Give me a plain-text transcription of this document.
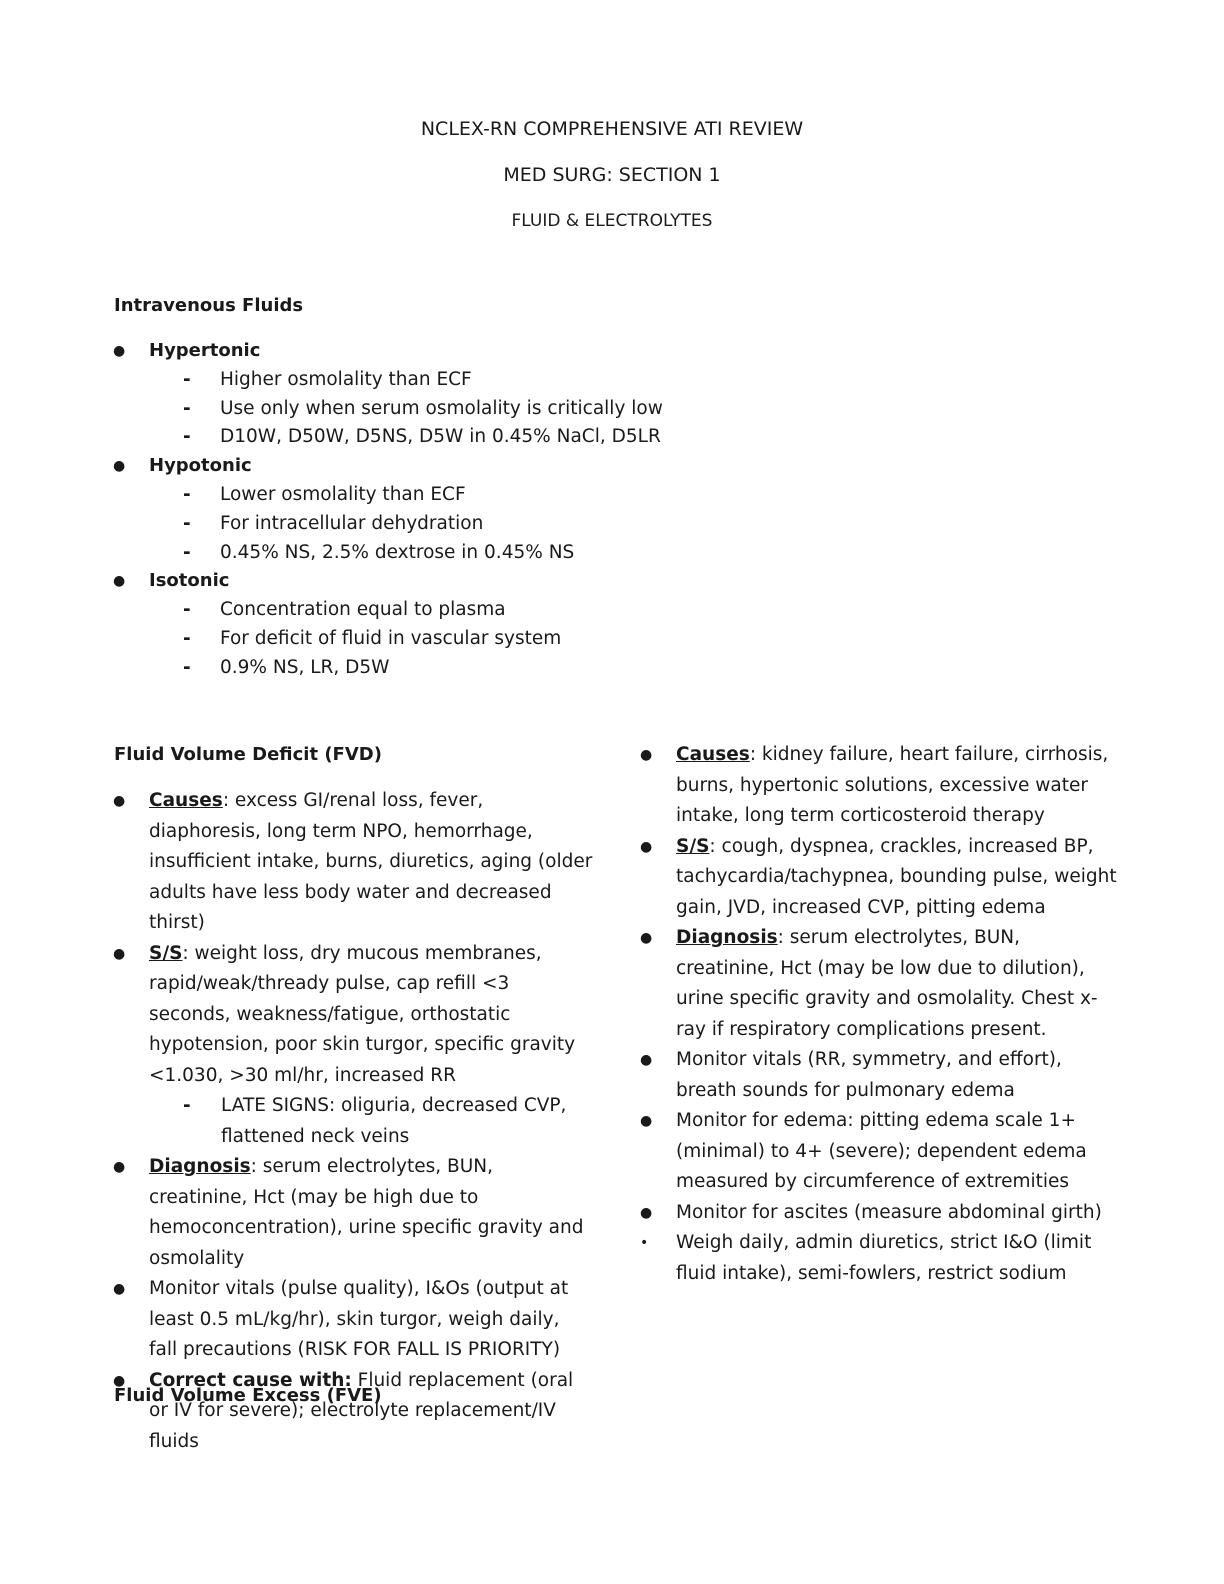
NCLEX-RN COMPREHENSIVE ATI REVIEW
MED SURG: SECTION 1
FLUID & ELECTROLYTES
Intravenous Fluids
●	Hypertonic
- Higher osmolality than ECF
- Use only when serum osmolality is critically low
- D10W, D50W, D5NS, D5W in 0.45% NaCl, D5LR
●	Hypotonic
- Lower osmolality than ECF
- For intracellular dehydration
- 0.45% NS, 2.5% dextrose in 0.45% NS
●	Isotonic
- Concentration equal to plasma
- For deficit of fluid in vascular system
- 0.9% NS, LR, D5W
Fluid Volume Deficit (FVD)
● Causes: excess GI/renal loss, fever, diaphoresis, long term NPO, hemorrhage, insufficient intake, burns, diuretics, aging (older adults have less body water and decreased thirst)
● S/S: weight loss, dry mucous membranes, rapid/weak/thready pulse, cap refill <3 seconds, weakness/fatigue, orthostatic hypotension, poor skin turgor, specific gravity <1.030, >30 ml/hr, increased RR
- LATE SIGNS: oliguria, decreased CVP, flattened neck veins
● Diagnosis: serum electrolytes, BUN, creatinine, Hct (may be high due to hemoconcentration), urine specific gravity and osmolality
● Monitor vitals (pulse quality), I&Os (output at least 0.5 mL/kg/hr), skin turgor, weigh daily, fall precautions (RISK FOR FALL IS PRIORITY)
● Correct cause with: Fluid replacement (oral or IV for severe); electrolyte replacement/IV fluids
Fluid Volume Excess (FVE)
● Causes: kidney failure, heart failure, cirrhosis, burns, hypertonic solutions, excessive water intake, long term corticosteroid therapy
● S/S: cough, dyspnea, crackles, increased BP, tachycardia/tachypnea, bounding pulse, weight gain, JVD, increased CVP, pitting edema
● Diagnosis: serum electrolytes, BUN, creatinine, Hct (may be low due to dilution), urine specific gravity and osmolality. Chest x-ray if respiratory complications present.
● Monitor vitals (RR, symmetry, and effort), breath sounds for pulmonary edema
● Monitor for edema: pitting edema scale 1+ (minimal) to 4+ (severe); dependent edema measured by circumference of extremities
● Monitor for ascites (measure abdominal girth)
• Weigh daily, admin diuretics, strict I&O (limit fluid intake), semi-fowlers, restrict sodium
